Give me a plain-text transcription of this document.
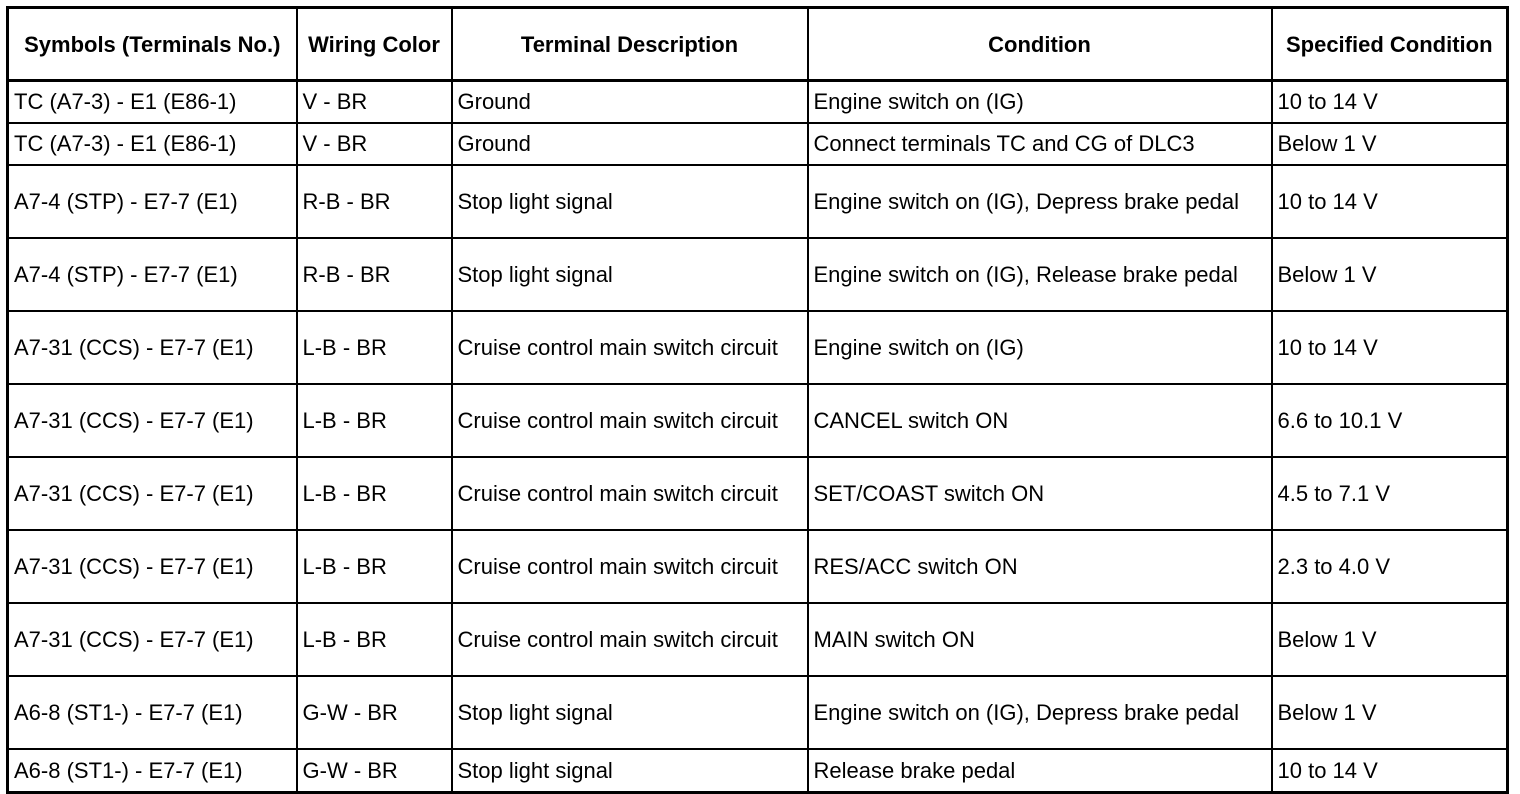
Symbols (Terminals No.)	Wiring Color	Terminal Description	Condition	Specified Condition
TC (A7-3) - E1 (E86-1)	V - BR	Ground	Engine switch on (IG)	10 to 14 V
TC (A7-3) - E1 (E86-1)	V - BR	Ground	Connect terminals TC and CG of DLC3	Below 1 V
A7-4 (STP) - E7-7 (E1)	R-B - BR	Stop light signal	Engine switch on (IG), Depress brake pedal	10 to 14 V
A7-4 (STP) - E7-7 (E1)	R-B - BR	Stop light signal	Engine switch on (IG), Release brake pedal	Below 1 V
A7-31 (CCS) - E7-7 (E1)	L-B - BR	Cruise control main switch circuit	Engine switch on (IG)	10 to 14 V
A7-31 (CCS) - E7-7 (E1)	L-B - BR	Cruise control main switch circuit	CANCEL switch ON	6.6 to 10.1 V
A7-31 (CCS) - E7-7 (E1)	L-B - BR	Cruise control main switch circuit	SET/COAST switch ON	4.5 to 7.1 V
A7-31 (CCS) - E7-7 (E1)	L-B - BR	Cruise control main switch circuit	RES/ACC switch ON	2.3 to 4.0 V
A7-31 (CCS) - E7-7 (E1)	L-B - BR	Cruise control main switch circuit	MAIN switch ON	Below 1 V
A6-8 (ST1-) - E7-7 (E1)	G-W - BR	Stop light signal	Engine switch on (IG), Depress brake pedal	Below 1 V
A6-8 (ST1-) - E7-7 (E1)	G-W - BR	Stop light signal	Release brake pedal	10 to 14 V
